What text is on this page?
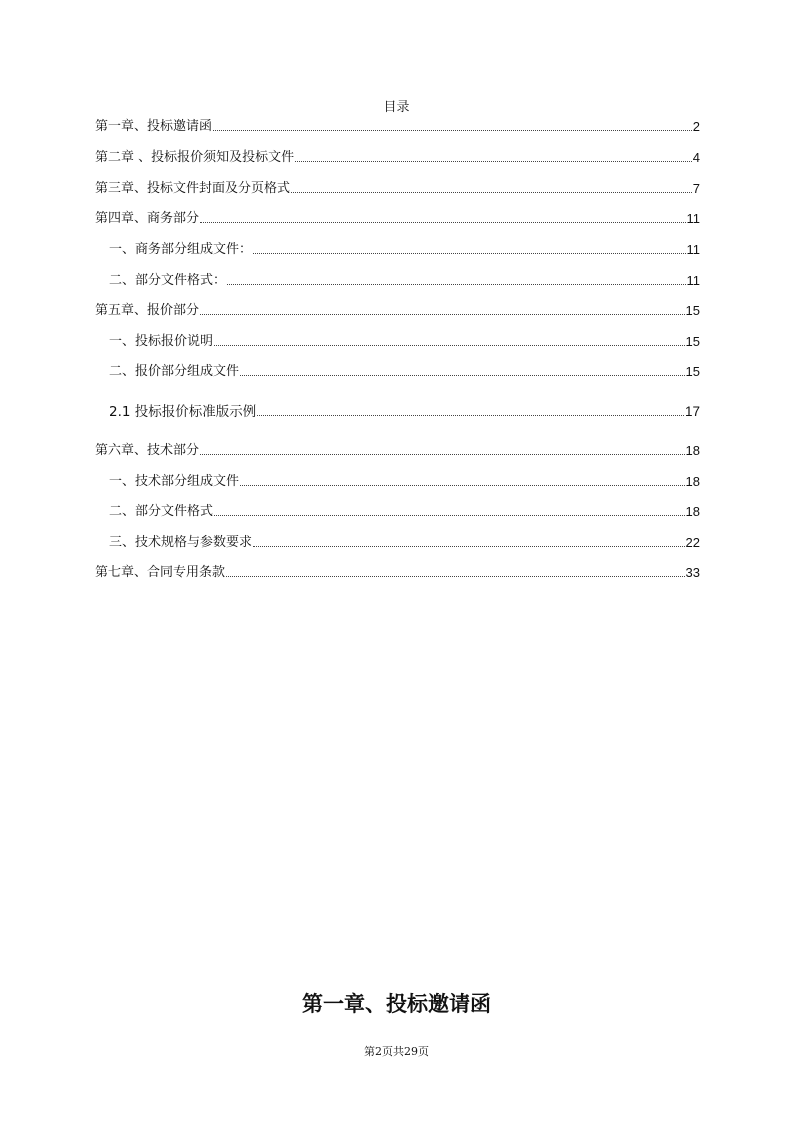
目录
第一章、投标邀请函	2
第二章 、投标报价须知及投标文件	4
第三章、投标文件封面及分页格式	7
第四章、商务部分	11
一、商务部分组成文件：	11
二、部分文件格式：	11
第五章、报价部分	15
一、投标报价说明	15
二、报价部分组成文件	15
2.1 投标报价标准版示例	17
第六章、技术部分	18
一、技术部分组成文件	18
二、部分文件格式	18
三、技术规格与参数要求	22
第七章、合同专用条款	33
第一章、投标邀请函
第2页共29页
